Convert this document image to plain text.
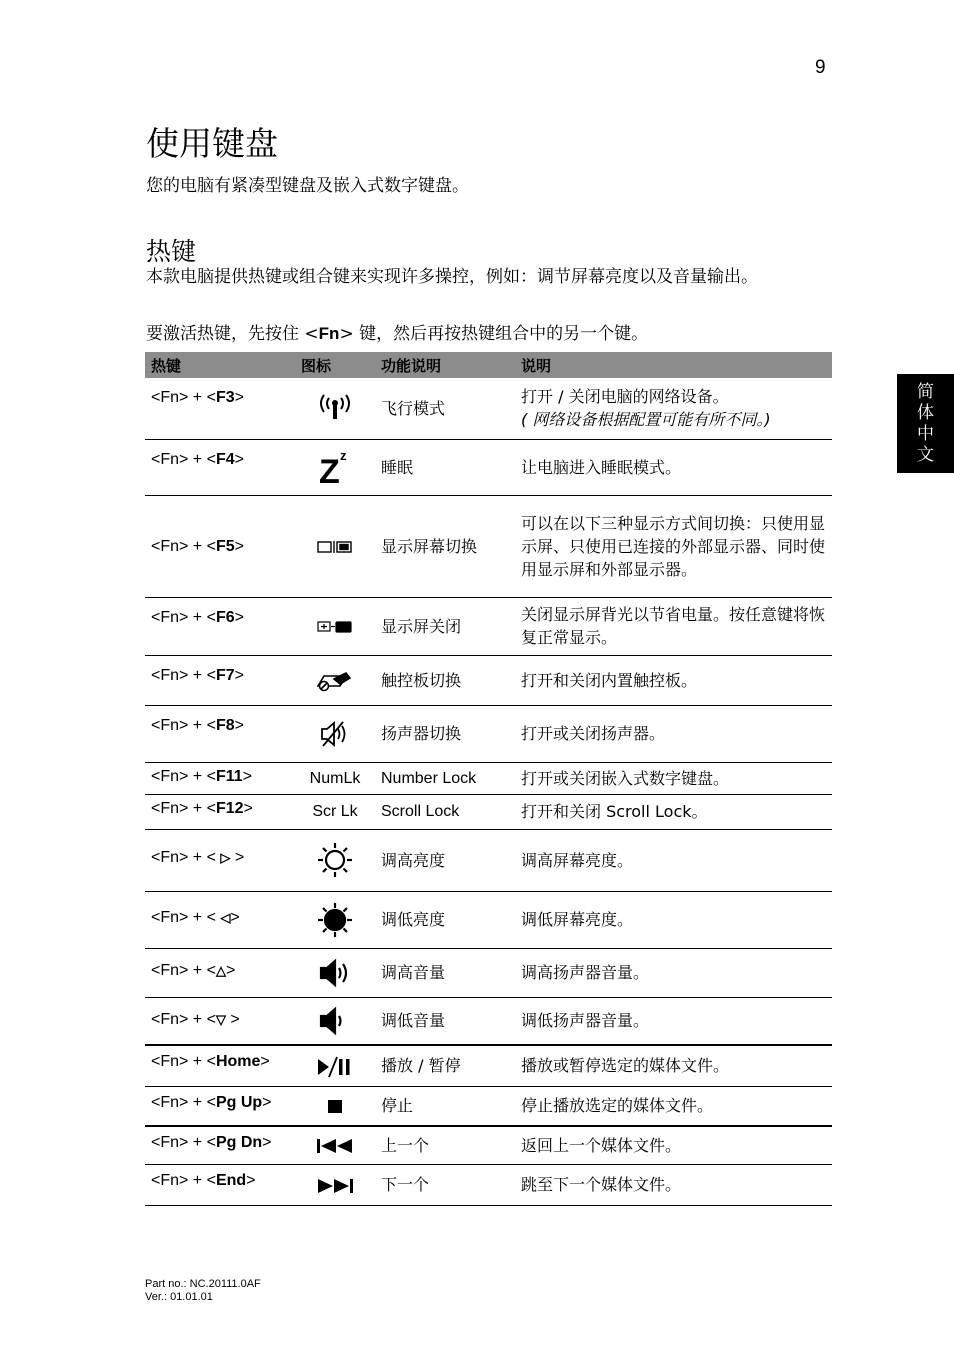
9
简
体
中
文
使用键盘

您的电脑有紧凑型键盘及嵌入式数字键盘。

热键

本款电脑提供热键或组合键来实现许多操控，例如：调节屏幕亮度以及音量输出。

要激活热键，先按住 <Fn> 键，然后再按热键组合中的另一个键。

热键	图标	功能说明	说明
<Fn> + <F3>		飞行模式	打开 / 关闭电脑的网络设备。
( 网络设备根据配置可能有所不同。)

<Fn> + <F4>	Z z	睡眠	让电脑进入睡眠模式。
<Fn> + <F5>		显示屏幕切换	可以在以下三种显示方式间切换：只使用显示屏、只使用已连接的外部显示器、同时使用显示屏和外部显示器。
<Fn> + <F6>		显示屏关闭	关闭显示屏背光以节省电量。按任意键将恢复正常显示。
<Fn> + <F7>		触控板切换	打开和关闭内置触控板。
<Fn> + <F8>		扬声器切换	打开或关闭扬声器。
<Fn> + <F11>	NumLk	Number Lock	打开或关闭嵌入式数字键盘。
<Fn> + <F12>	Scr Lk	Scroll Lock	打开和关闭 Scroll Lock。
<Fn> + < ▷ >		调高亮度	调高屏幕亮度。
<Fn> + < ◁>		调低亮度	调低屏幕亮度。
<Fn> + <△>		调高音量	调高扬声器音量。
<Fn> + <▽ >		调低音量	调低扬声器音量。
<Fn> + <Home>		播放 / 暂停	播放或暂停选定的媒体文件。
<Fn> + <Pg Up>		停止	停止播放选定的媒体文件。
<Fn> + <Pg Dn>		上一个	返回上一个媒体文件。
<Fn> + <End>		下一个	跳至下一个媒体文件。
Part no.: NC.20111.0AF
Ver.: 01.01.01
